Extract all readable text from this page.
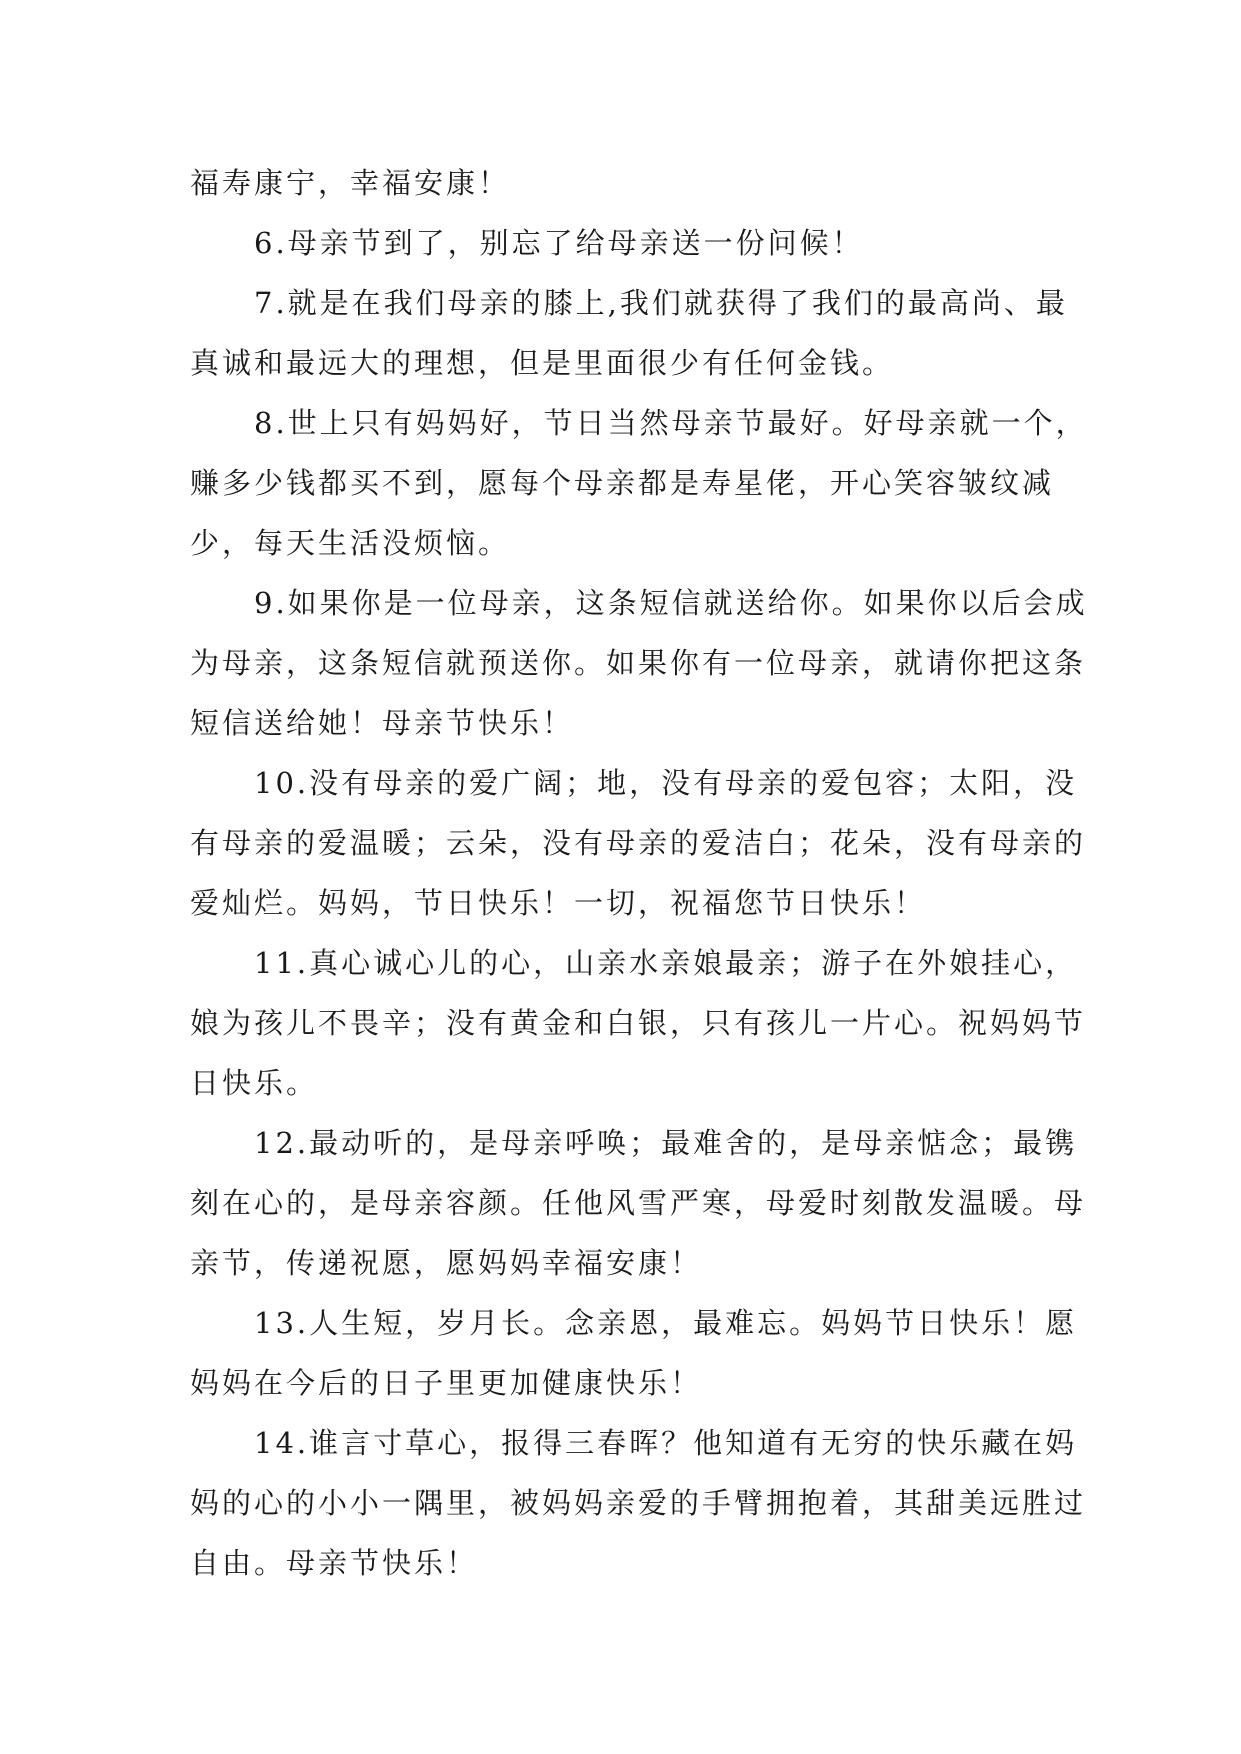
福寿康宁，幸福安康！

6.母亲节到了，别忘了给母亲送一份问候！

7.就是在我们母亲的膝上,我们就获得了我们的最高尚、最真诚和最远大的理想，但是里面很少有任何金钱。

8.世上只有妈妈好，节日当然母亲节最好。好母亲就一个，赚多少钱都买不到，愿每个母亲都是寿星佬，开心笑容皱纹减少，每天生活没烦恼。

9.如果你是一位母亲，这条短信就送给你。如果你以后会成为母亲，这条短信就预送你。如果你有一位母亲，就请你把这条短信送给她！母亲节快乐！

10.没有母亲的爱广阔；地，没有母亲的爱包容；太阳，没有母亲的爱温暖；云朵，没有母亲的爱洁白；花朵，没有母亲的爱灿烂。妈妈，节日快乐！一切，祝福您节日快乐！

11.真心诚心儿的心，山亲水亲娘最亲；游子在外娘挂心，娘为孩儿不畏辛；没有黄金和白银，只有孩儿一片心。祝妈妈节日快乐。

12.最动听的，是母亲呼唤；最难舍的，是母亲惦念；最镌刻在心的，是母亲容颜。任他风雪严寒，母爱时刻散发温暖。母亲节，传递祝愿，愿妈妈幸福安康！

13.人生短，岁月长。念亲恩，最难忘。妈妈节日快乐！愿妈妈在今后的日子里更加健康快乐！

14.谁言寸草心，报得三春晖？他知道有无穷的快乐藏在妈妈的心的小小一隅里，被妈妈亲爱的手臂拥抱着，其甜美远胜过自由。母亲节快乐！
